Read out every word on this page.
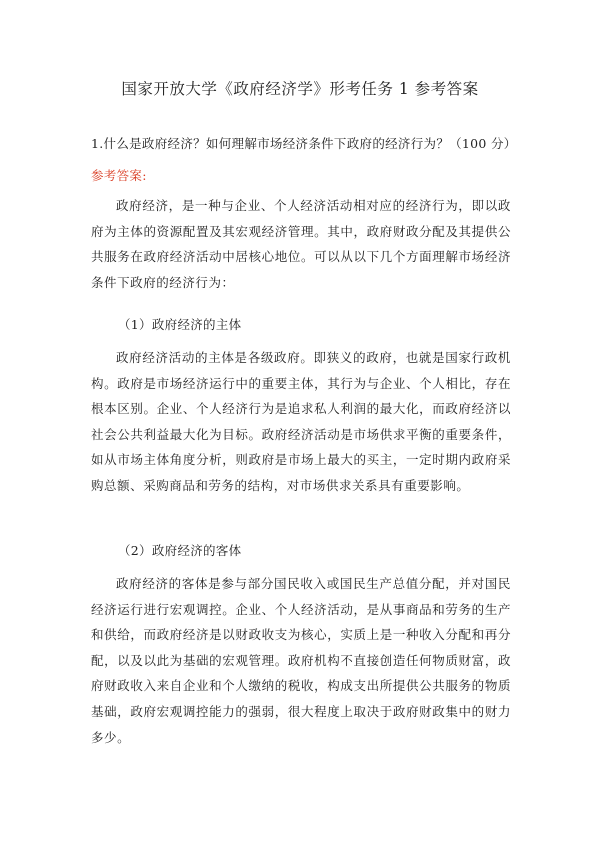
国家开放大学《政府经济学》形考任务 1 参考答案
1.什么是政府经济？如何理解市场经济条件下政府的经济行为？（100 分）
参考答案:
政府经济，是一种与企业、个人经济活动相对应的经济行为，即以政府为主体的资源配置及其宏观经济管理。其中，政府财政分配及其提供公共服务在政府经济活动中居核心地位。可以从以下几个方面理解市场经济条件下政府的经济行为：
（1）政府经济的主体
政府经济活动的主体是各级政府。即狭义的政府，也就是国家行政机构。政府是市场经济运行中的重要主体，其行为与企业、个人相比，存在根本区别。企业、个人经济行为是追求私人利润的最大化，而政府经济以社会公共利益最大化为目标。政府经济活动是市场供求平衡的重要条件，如从市场主体角度分析，则政府是市场上最大的买主，一定时期内政府采购总额、采购商品和劳务的结构，对市场供求关系具有重要影响。
（2）政府经济的客体
政府经济的客体是参与部分国民收入或国民生产总值分配，并对国民经济运行进行宏观调控。企业、个人经济活动，是从事商品和劳务的生产和供给，而政府经济是以财政收支为核心，实质上是一种收入分配和再分配，以及以此为基础的宏观管理。政府机构不直接创造任何物质财富，政府财政收入来自企业和个人缴纳的税收，构成支出所提供公共服务的物质基础，政府宏观调控能力的强弱，很大程度上取决于政府财政集中的财力多少。
